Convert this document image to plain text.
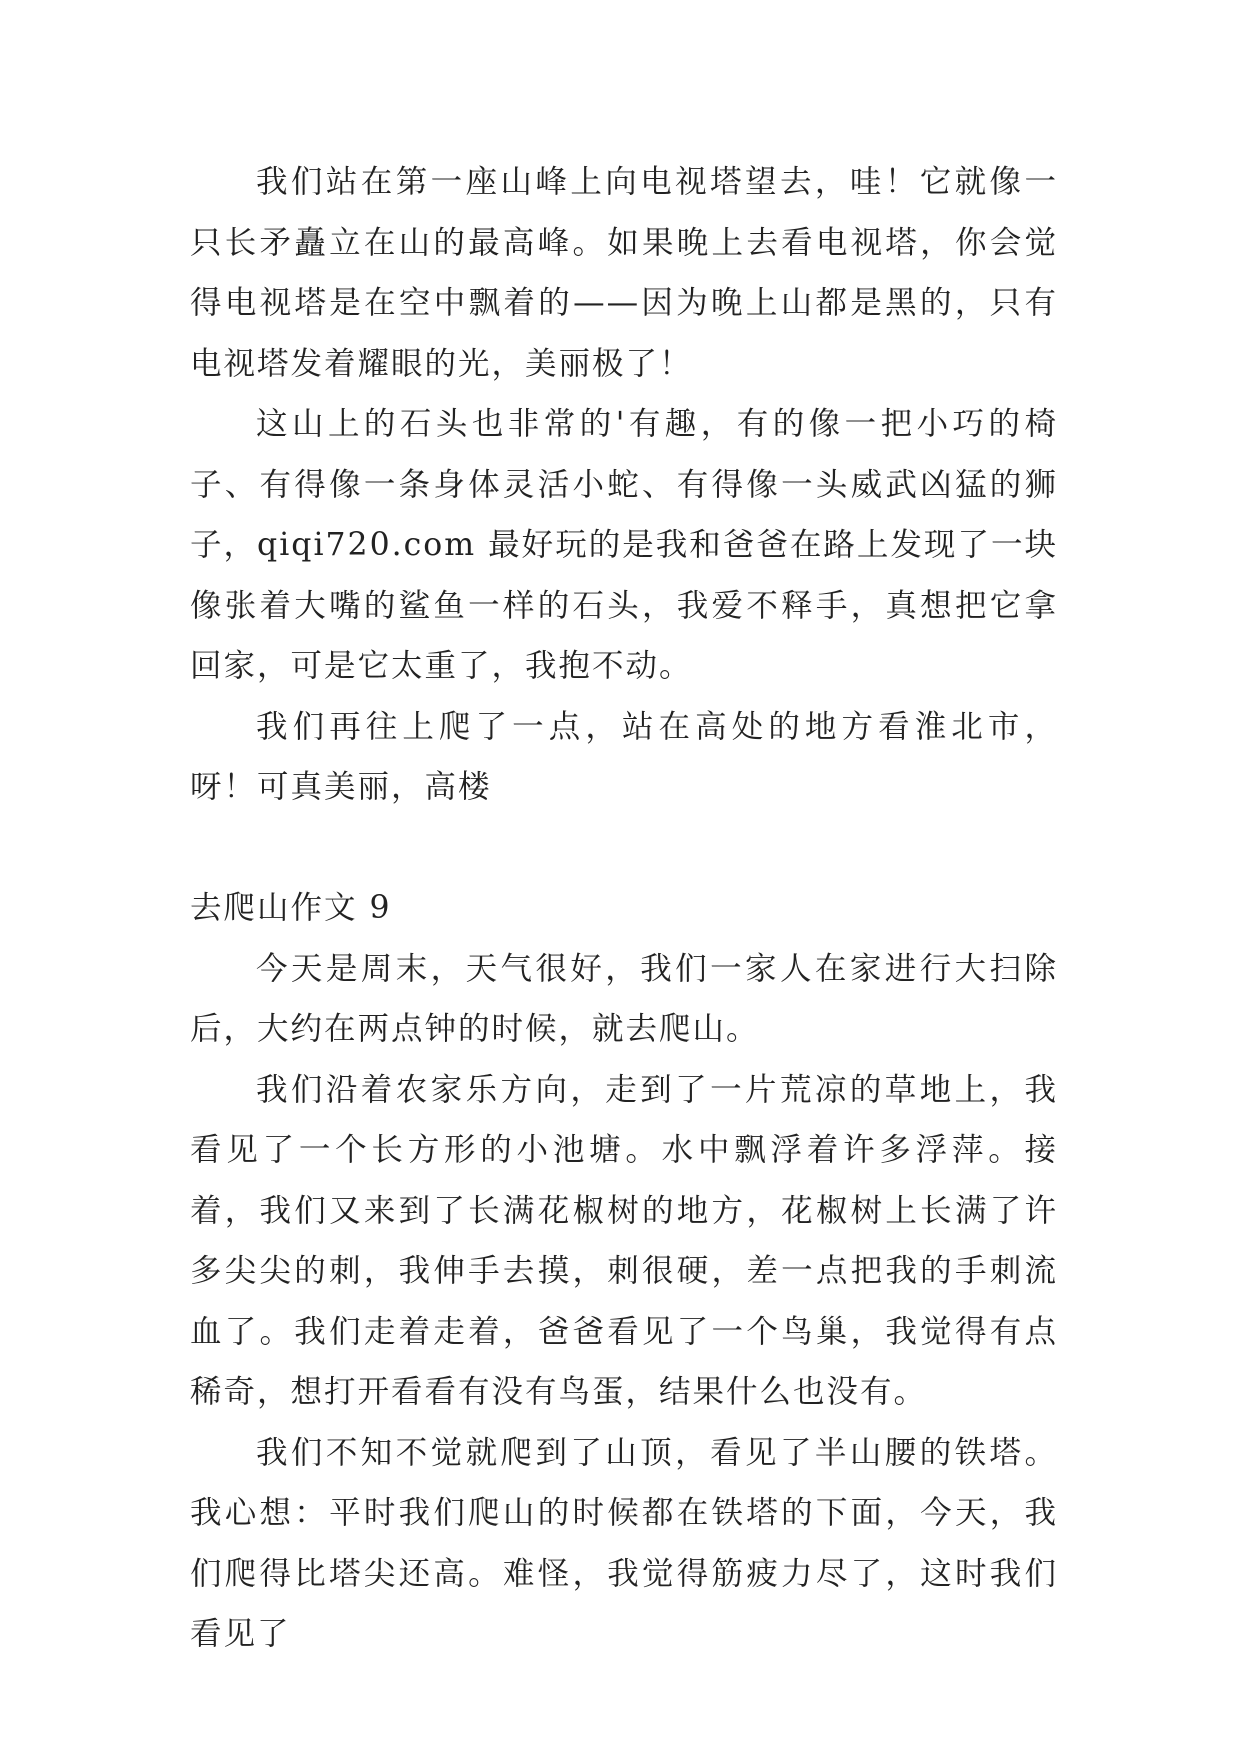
我们站在第一座山峰上向电视塔望去，哇！它就像一只长矛矗立在山的最高峰。如果晚上去看电视塔，你会觉得电视塔是在空中飘着的——因为晚上山都是黑的，只有电视塔发着耀眼的光，美丽极了！

这山上的石头也非常的'有趣，有的像一把小巧的椅子、有得像一条身体灵活小蛇、有得像一头威武凶猛的狮子，qiqi720.com 最好玩的是我和爸爸在路上发现了一块像张着大嘴的鲨鱼一样的石头，我爱不释手，真想把它拿回家，可是它太重了，我抱不动。

我们再往上爬了一点，站在高处的地方看淮北市，呀！可真美丽，高楼

去爬山作文 9

今天是周末，天气很好，我们一家人在家进行大扫除后，大约在两点钟的时候，就去爬山。

我们沿着农家乐方向，走到了一片荒凉的草地上，我看见了一个长方形的小池塘。水中飘浮着许多浮萍。接着，我们又来到了长满花椒树的地方，花椒树上长满了许多尖尖的刺，我伸手去摸，刺很硬，差一点把我的手刺流血了。我们走着走着，爸爸看见了一个鸟巢，我觉得有点稀奇，想打开看看有没有鸟蛋，结果什么也没有。

我们不知不觉就爬到了山顶，看见了半山腰的铁塔。我心想：平时我们爬山的时候都在铁塔的下面，今天，我们爬得比塔尖还高。难怪，我觉得筋疲力尽了，这时我们看见了
